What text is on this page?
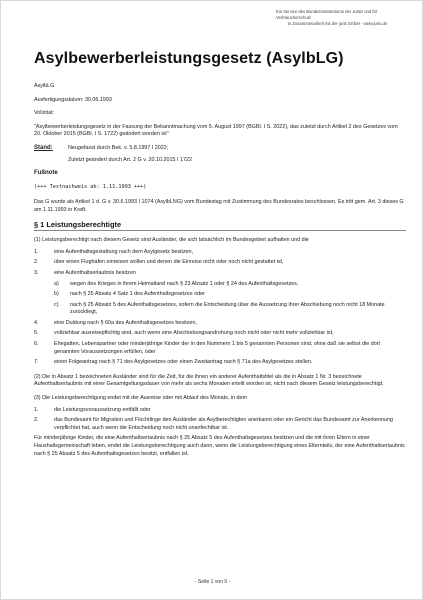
Ein Service des Bundesministeriums der Justiz und für Verbraucherschutz
in Zusammenarbeit mit der juris GmbH - www.juris.de
Asylbewerberleistungsgesetz (AsylbLG)

AsylbLG

Ausfertigungsdatum: 30.06.1993

Vollzitat:

"Asylbewerberleistungsgesetz in der Fassung der Bekanntmachung vom 5. August 1997 (BGBl. I S. 2022), das zuletzt durch Artikel 2 des Gesetzes vom 20. Oktober 2015 (BGBl. I S. 1722) geändert worden ist"

Stand:	Neugefasst durch Bek. v. 5.8.1997 I 2022;

Zuletzt geändert durch Art. 2 G v. 20.10.2015 I 1722

Fußnote

(+++ Textnachweis ab: 1.11.1993 +++)

Das G wurde als Artikel 1 d. G v. 30.6.1993 I 1074 (AsylbLNG) vom Bundestag mit Zustimmung des Bundesrates beschlossen. Es tritt gem. Art. 3 dieses G am 1.11.1993 in Kraft.

§ 1 Leistungsberechtigte

(1) Leistungsberechtigt nach diesem Gesetz sind Ausländer, die sich tatsächlich im Bundesgebiet aufhalten und die

1.	eine Aufenthaltsgestattung nach dem Asylgesetz besitzen,
2.	über einen Flughafen einreisen wollen und denen die Einreise nicht oder noch nicht gestattet ist,
3.	eine Aufenthaltserlaubnis besitzen
a)	wegen des Krieges in ihrem Heimatland nach § 23 Absatz 1 oder § 24 des Aufenthaltsgesetzes,
b)	nach § 25 Absatz 4 Satz 1 des Aufenthaltsgesetzes oder
c)	nach § 25 Absatz 5 des Aufenthaltsgesetzes, sofern die Entscheidung über die Aussetzung ihrer Abschiebung noch nicht 18 Monate zurückliegt,
4.	eine Duldung nach § 60a des Aufenthaltsgesetzes besitzen,
5.	vollziehbar ausreisepflichtig sind, auch wenn eine Abschiebungsandrohung noch nicht oder nicht mehr vollziehbar ist,
6.	Ehegatten, Lebenspartner oder minderjährige Kinder der in den Nummern 1 bis 5 genannten Personen sind, ohne daß sie selbst die dort genannten Voraussetzungen erfüllen, oder
7.	einen Folgeantrag nach § 71 des Asylgesetzes oder einen Zweitantrag nach § 71a des Asylgesetzes stellen.

(2) Die in Absatz 1 bezeichneten Ausländer sind für die Zeit, für die ihnen ein anderer Aufenthaltstitel als die in Absatz 1 Nr. 3 bezeichnete Aufenthaltserlaubnis mit einer Gesamtgeltungsdauer von mehr als sechs Monaten erteilt worden ist, nicht nach diesem Gesetz leistungsberechtigt.

(3) Die Leistungsberechtigung endet mit der Ausreise oder mit Ablauf des Monats, in dem

1.	die Leistungsvoraussetzung entfällt oder
2.	das Bundesamt für Migration und Flüchtlinge den Ausländer als Asylberechtigten anerkannt oder ein Gericht das Bundesamt zur Anerkennung verpflichtet hat, auch wenn die Entscheidung noch nicht unanfechtbar ist.

Für minderjährige Kinder, die eine Aufenthaltserlaubnis nach § 25 Absatz 5 des Aufenthaltsgesetzes besitzen und die mit ihren Eltern in einer Haushaltsgemeinschaft leben, endet die Leistungsberechtigung auch dann, wenn die Leistungsberechtigung eines Elternteils, der eine Aufenthaltserlaubnis nach § 25 Absatz 5 des Aufenthaltsgesetzes besitzt, entfallen ist.

- Seite 1 von 9 -
